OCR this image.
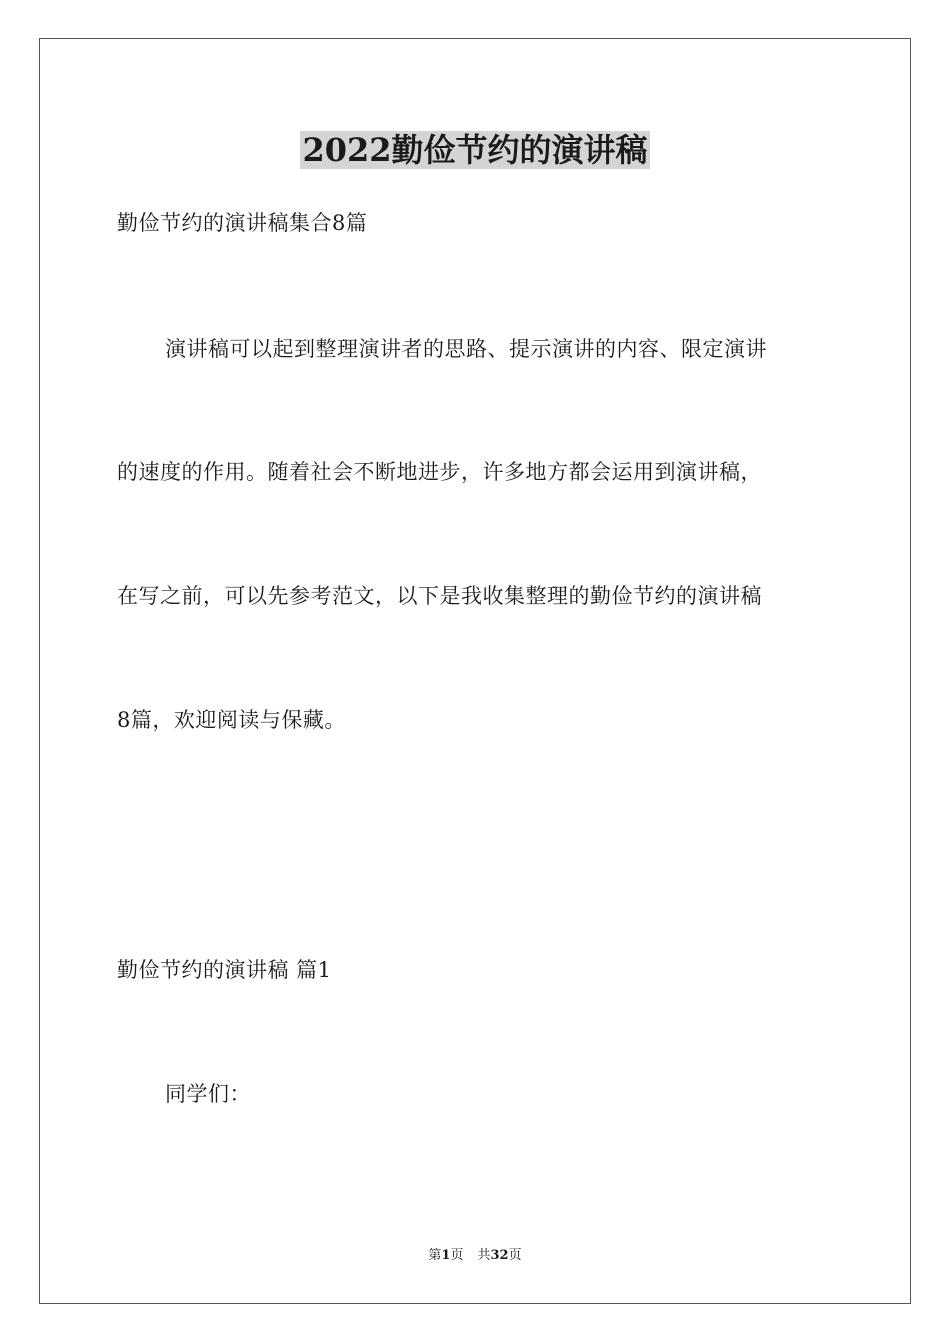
2022勤俭节约的演讲稿
勤俭节约的演讲稿集合8篇
演讲稿可以起到整理演讲者的思路、提示演讲的内容、限定演讲
的速度的作用。随着社会不断地进步，许多地方都会运用到演讲稿，
在写之前，可以先参考范文，以下是我收集整理的勤俭节约的演讲稿
8篇，欢迎阅读与保藏。
勤俭节约的演讲稿 篇1
同学们：
第1页 共32页
